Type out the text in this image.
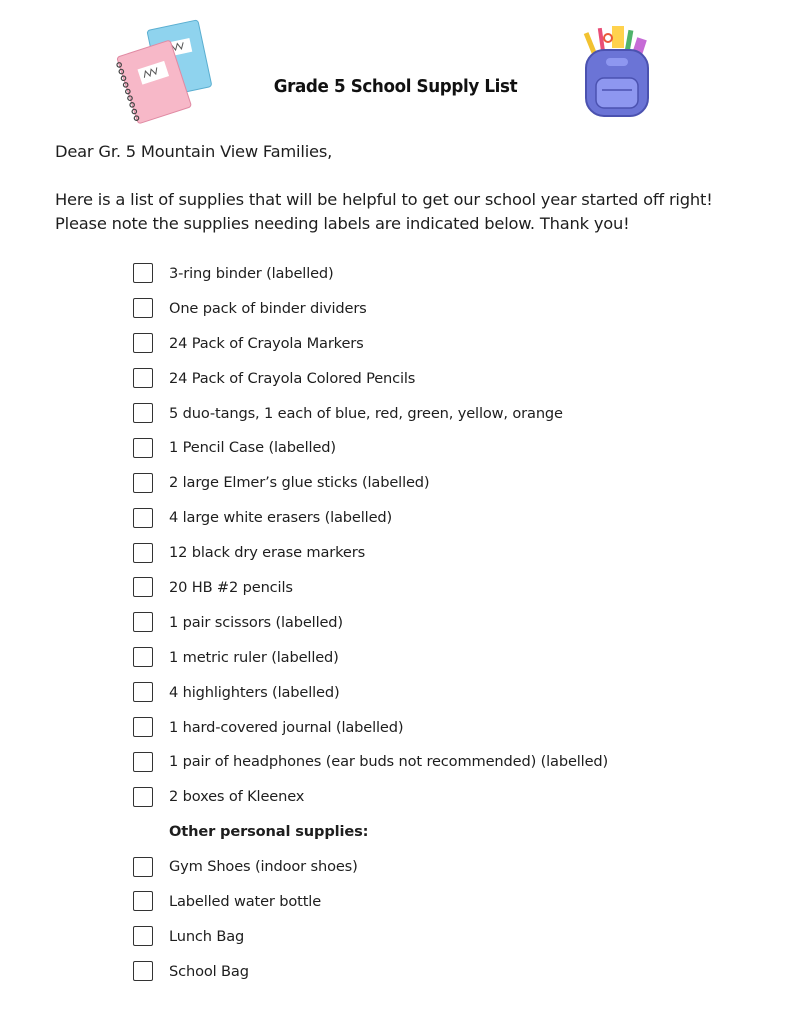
Grade 5 School Supply List
Dear Gr. 5 Mountain View Families,
Here is a list of supplies that will be helpful to get our school year started off right!
Please note the supplies needing labels are indicated below. Thank you!
3-ring binder (labelled)
One pack of binder dividers
24 Pack of Crayola Markers
24 Pack of Crayola Colored Pencils
5 duo-tangs, 1 each of blue, red, green, yellow, orange
1 Pencil Case (labelled)
2 large Elmer’s glue sticks (labelled)
4 large white erasers (labelled)
12 black dry erase markers
20 HB #2 pencils
1 pair scissors (labelled)
1 metric ruler (labelled)
4 highlighters (labelled)
1 hard-covered journal (labelled)
1 pair of headphones (ear buds not recommended) (labelled)
2 boxes of Kleenex
Other personal supplies:
Gym Shoes (indoor shoes)
Labelled water bottle
Lunch Bag
School Bag
